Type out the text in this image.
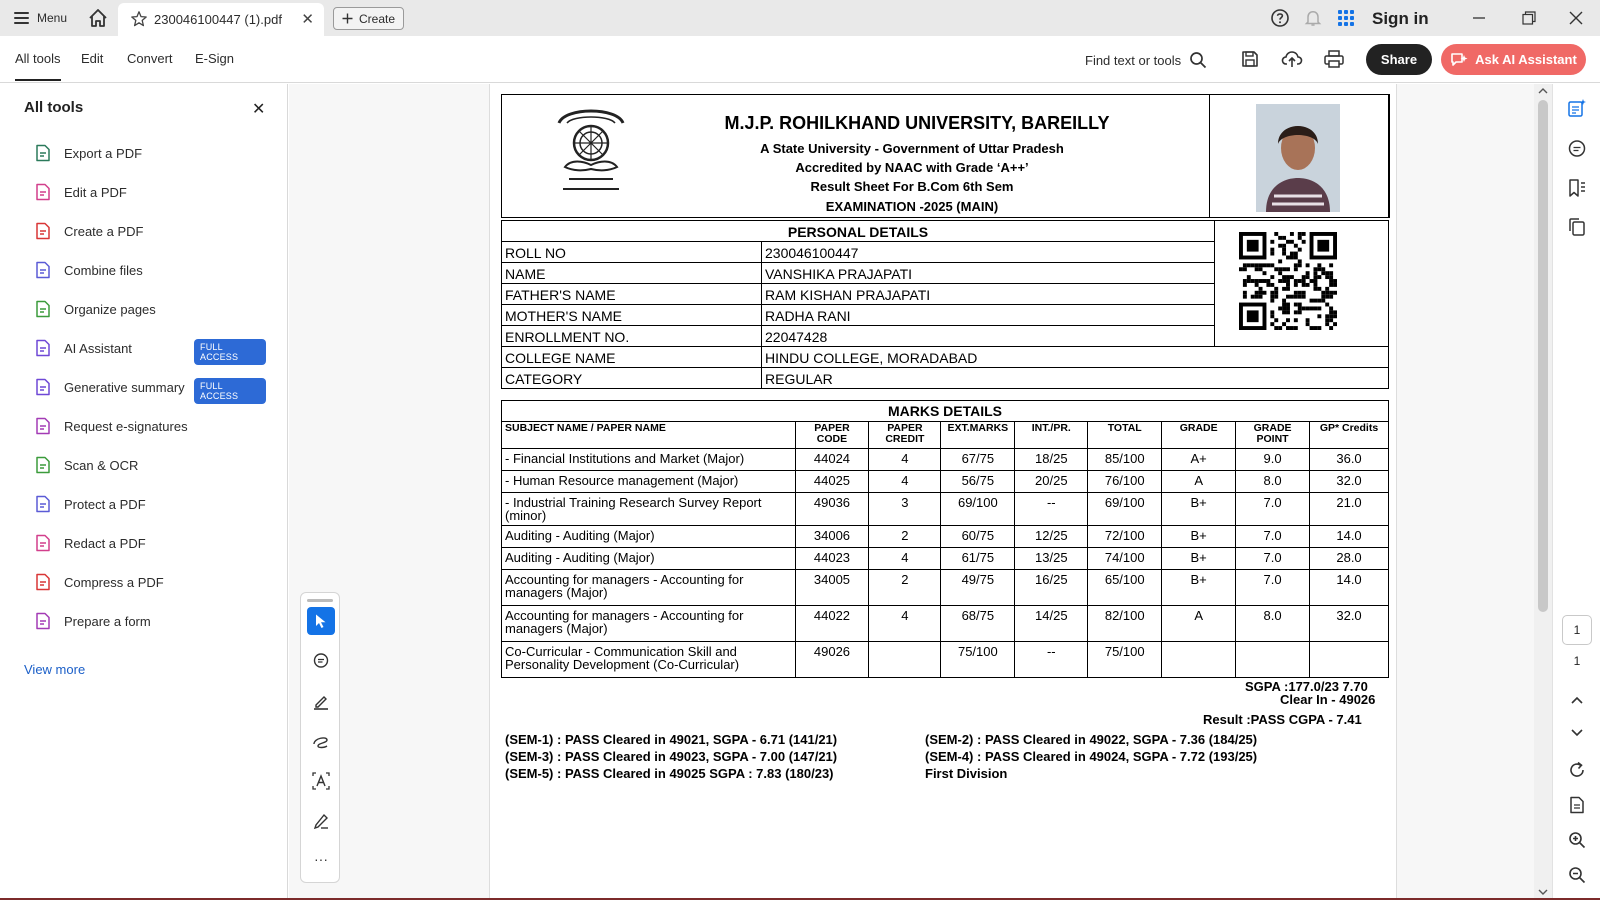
Menu	230046100447 (1).pdf ✕	Create	Sign in
All tools Edit Convert E-Sign	Find text or tools	Share	Ask AI Assistant
All tools	✕
Export a PDF
Edit a PDF
Create a PDF
Combine files
Organize pages
AI Assistant	FULL ACCESS
Generative summary	FULL ACCESS
Request e-signatures
Scan & OCR
Protect a PDF
Redact a PDF
Compress a PDF
Prepare a form
View more
···
M.J.P. ROHILKHAND UNIVERSITY, BAREILLY
A State University - Government of Uttar Pradesh
Accredited by NAAC with Grade ‘A++’
Result Sheet For B.Com 6th Sem
EXAMINATION -2025 (MAIN)
PERSONAL DETAILS		
ROLL NO	230046100447	
NAME	VANSHIKA PRAJAPATI	
FATHER'S NAME	RAM KISHAN PRAJAPATI	
MOTHER'S NAME	RADHA RANI	
ENROLLMENT NO.	22047428	
COLLEGE NAME	HINDU COLLEGE, MORADABAD	
CATEGORY	REGULAR	
MARKS DETAILS								
SUBJECT NAME / PAPER NAME	PAPER CODE	PAPER CREDIT	EXT.MARKS	INT./PR.	TOTAL	GRADE	GRADE POINT	GP* Credits
- Financial Institutions and Market (Major)	44024	4	67/75	18/25	85/100	A+	9.0	36.0
- Human Resource management (Major)	44025	4	56/75	20/25	76/100	A	8.0	32.0
- Industrial Training Research Survey Report (minor)	49036	3	69/100	--	69/100	B+	7.0	21.0
Auditing - Auditing (Major)	34006	2	60/75	12/25	72/100	B+	7.0	14.0
Auditing - Auditing (Major)	44023	4	61/75	13/25	74/100	B+	7.0	28.0
Accounting for managers - Accounting for managers (Major)	34005	2	49/75	16/25	65/100	B+	7.0	14.0
Accounting for managers - Accounting for managers (Major)	44022	4	68/75	14/25	82/100	A	8.0	32.0
Co-Curricular - Communication Skill and Personality Development (Co-Curricular)	49026		75/100	--	75/100			
SGPA :177.0/23 7.70
Clear In - 49026
Result :PASS CGPA - 7.41
(SEM-1) : PASS Cleared in 49021, SGPA - 6.71 (141/21)
(SEM-3) : PASS Cleared in 49023, SGPA - 7.00 (147/21)
(SEM-5) : PASS Cleared in 49025 SGPA : 7.83 (180/23)
(SEM-2) : PASS Cleared in 49022, SGPA - 7.36 (184/25)
(SEM-4) : PASS Cleared in 49024, SGPA - 7.72 (193/25)
First Division
1
1
